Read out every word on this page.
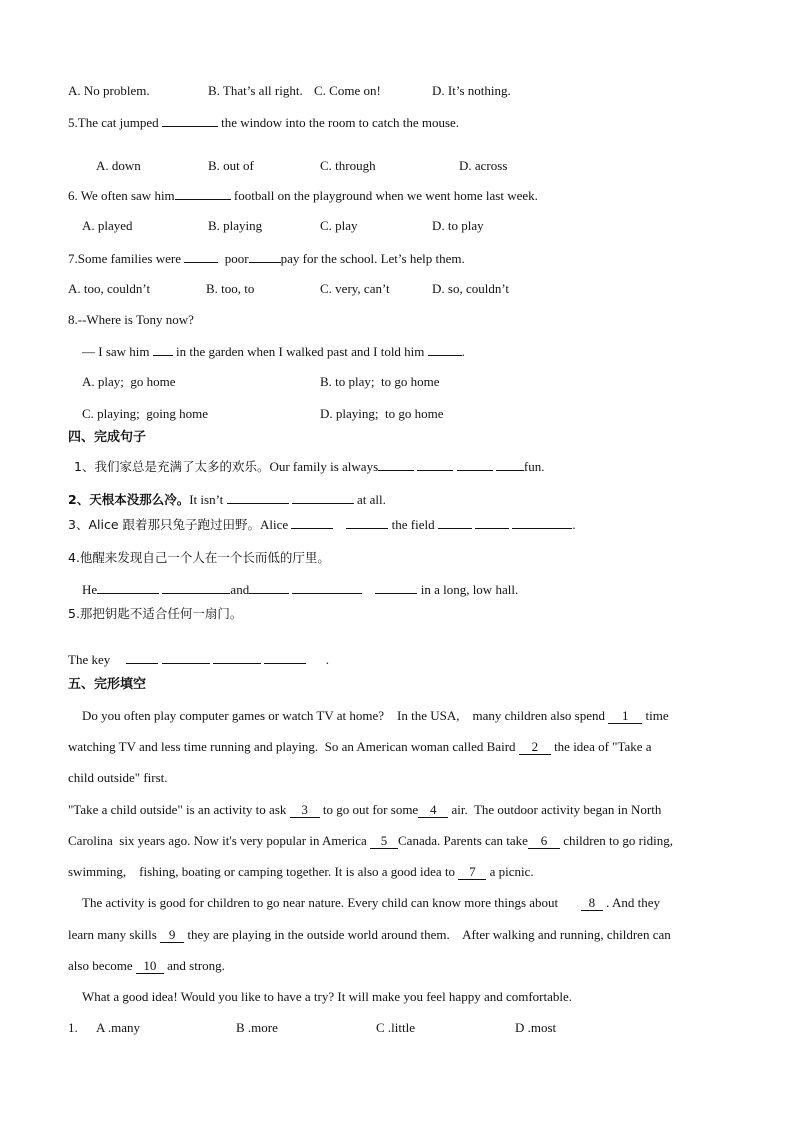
A. No problem.	B. That’s all right. C. Come on!	D. It’s nothing.
5.The cat jumped	the window into the room to catch the mouse.
A. down	B. out of	C. through	D. across
6. We often saw him	football on the playground when we went home last week.
A. played	B. playing	C. play	D. to play
7.Some families were	poor pay for the school. Let’s help them.
A. too, couldn’t	B. too, to	C. very, can’t	D. so, couldn’t
8.--Where is Tony now?
— I saw him  in the garden when I walked past and I told him	.
A. play;  go home	B. to play;  to go home
C. playing;  going home	D. playing;  to go home
四、完成句子
1、我们家总是充满了太多的欢乐。Our family is always	fun.
2、天根本没那么冷。It isn’t	at all.
3、Alice 跟着那只兔子跑过田野。Alice	the field	.
4.他醒来发现自己一个人在一个长而低的厅里。
He	and	in a long, low hall.
5.那把钥匙不适合任何一扇门。
The key	.
五、完形填空
Do you often play computer games or watch TV at home?    In the USA,    many children also spend 1 time
watching TV and less time running and playing.  So an American woman called Baird 2 the idea of "Take a
child outside" first.
"Take a child outside" is an activity to ask 3 to go out for some 4 air.  The outdoor activity began in North
Carolina  six years ago. Now it's very popular in America 5 Canada. Parents can take 6 children to go riding,
swimming,    fishing, boating or camping together. It is also a good idea to 7 a picnic.
The activity is good for children to go near nature. Every child can know more things about       8 . And they
learn many skills 9 they are playing in the outside world around them.    After walking and running, children can
also become 10 and strong.
What a good idea! Would you like to have a try? It will make you feel happy and comfortable.
1. A .many	B .more	C .little	D .most
